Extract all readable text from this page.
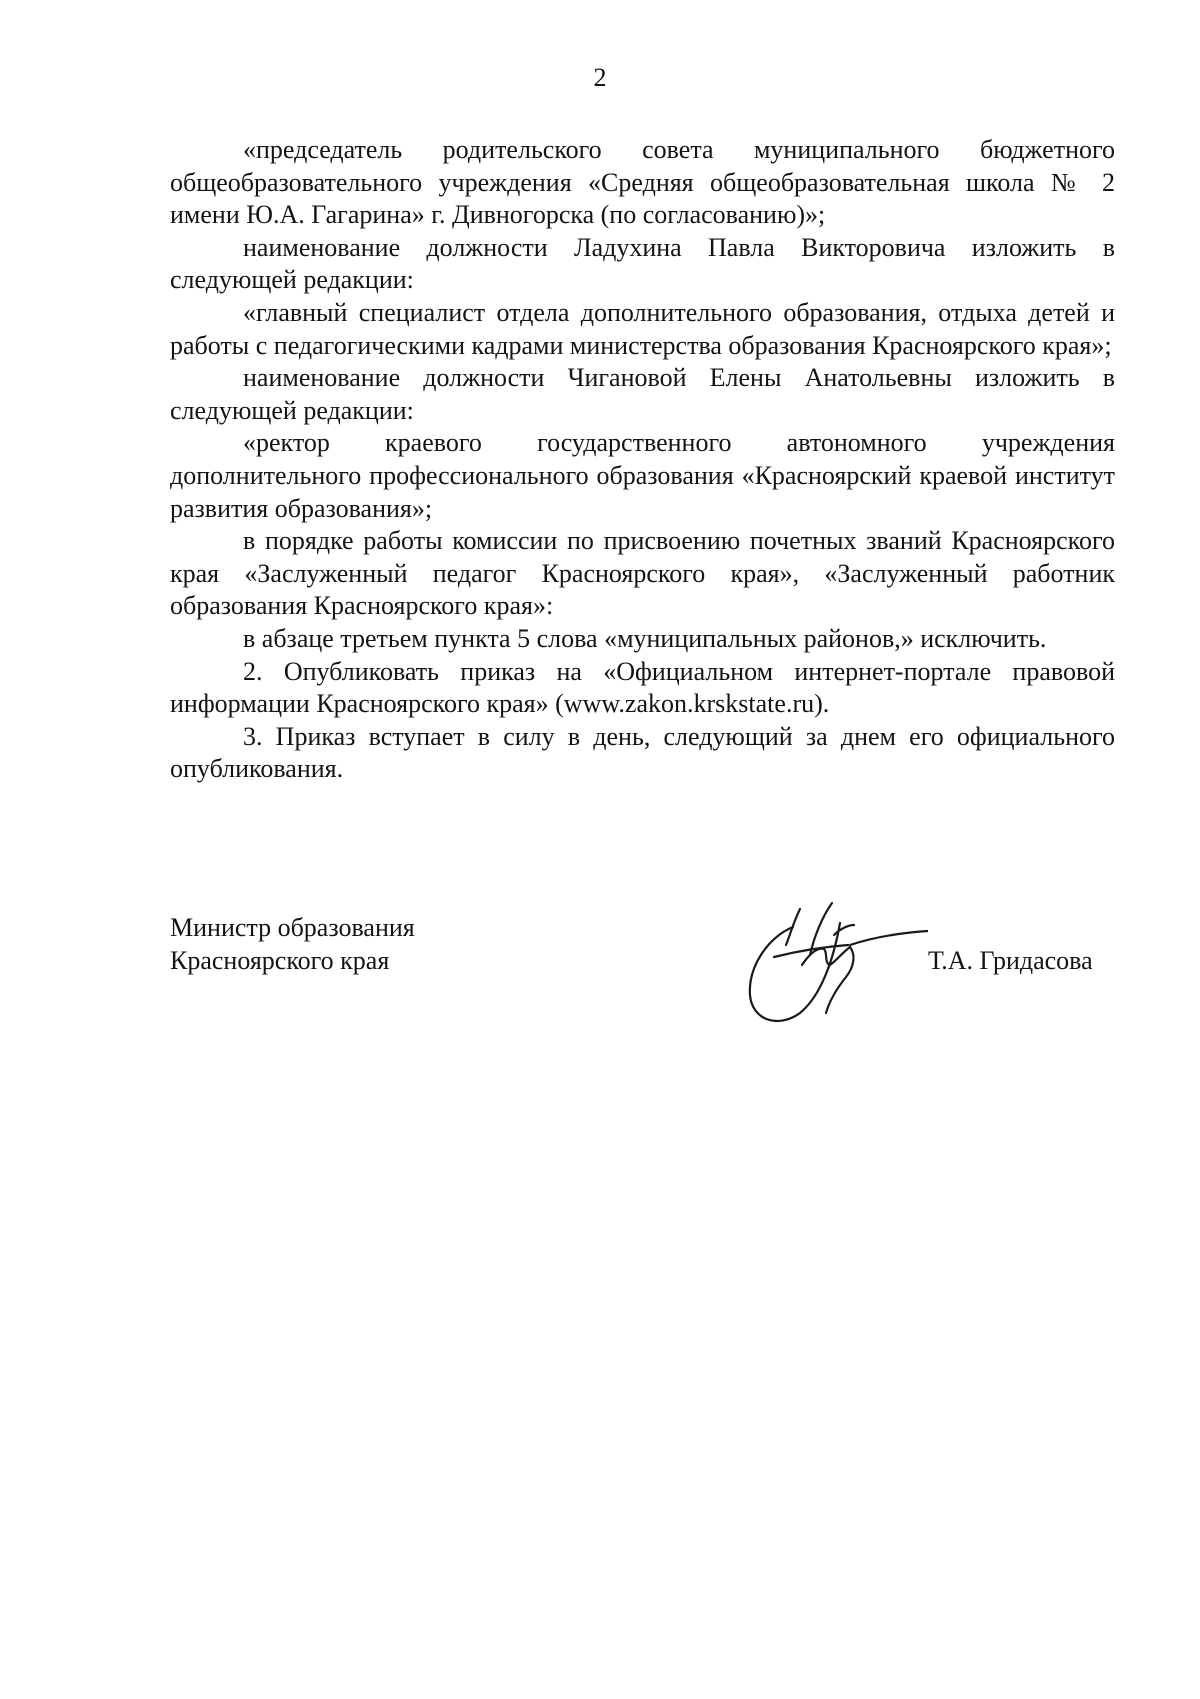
2

«председатель родительского совета муниципального бюджетного общеобразовательного учреждения «Средняя общеобразовательная школа № 2 имени Ю.А. Гагарина» г. Дивногорска (по согласованию)»;

наименование должности Ладухина Павла Викторовича изложить в следующей редакции:

«главный специалист отдела дополнительного образования, отдыха детей и работы с педагогическими кадрами министерства образования Красноярского края»;

наименование должности Чигановой Елены Анатольевны изложить в следующей редакции:

«ректор краевого государственного автономного учреждения дополнительного профессионального образования «Красноярский краевой институт развития образования»;

в порядке работы комиссии по присвоению почетных званий Красноярского края «Заслуженный педагог Красноярского края», «Заслуженный работник образования Красноярского края»:

в абзаце третьем пункта 5 слова «муниципальных районов,» исключить.

2. Опубликовать приказ на «Официальном интернет-портале правовой информации Красноярского края» (www.zakon.krskstate.ru).

3. Приказ вступает в силу в день, следующий за днем его официального опубликования.

Министр образования
Красноярского края	Т.А. Гридасова
